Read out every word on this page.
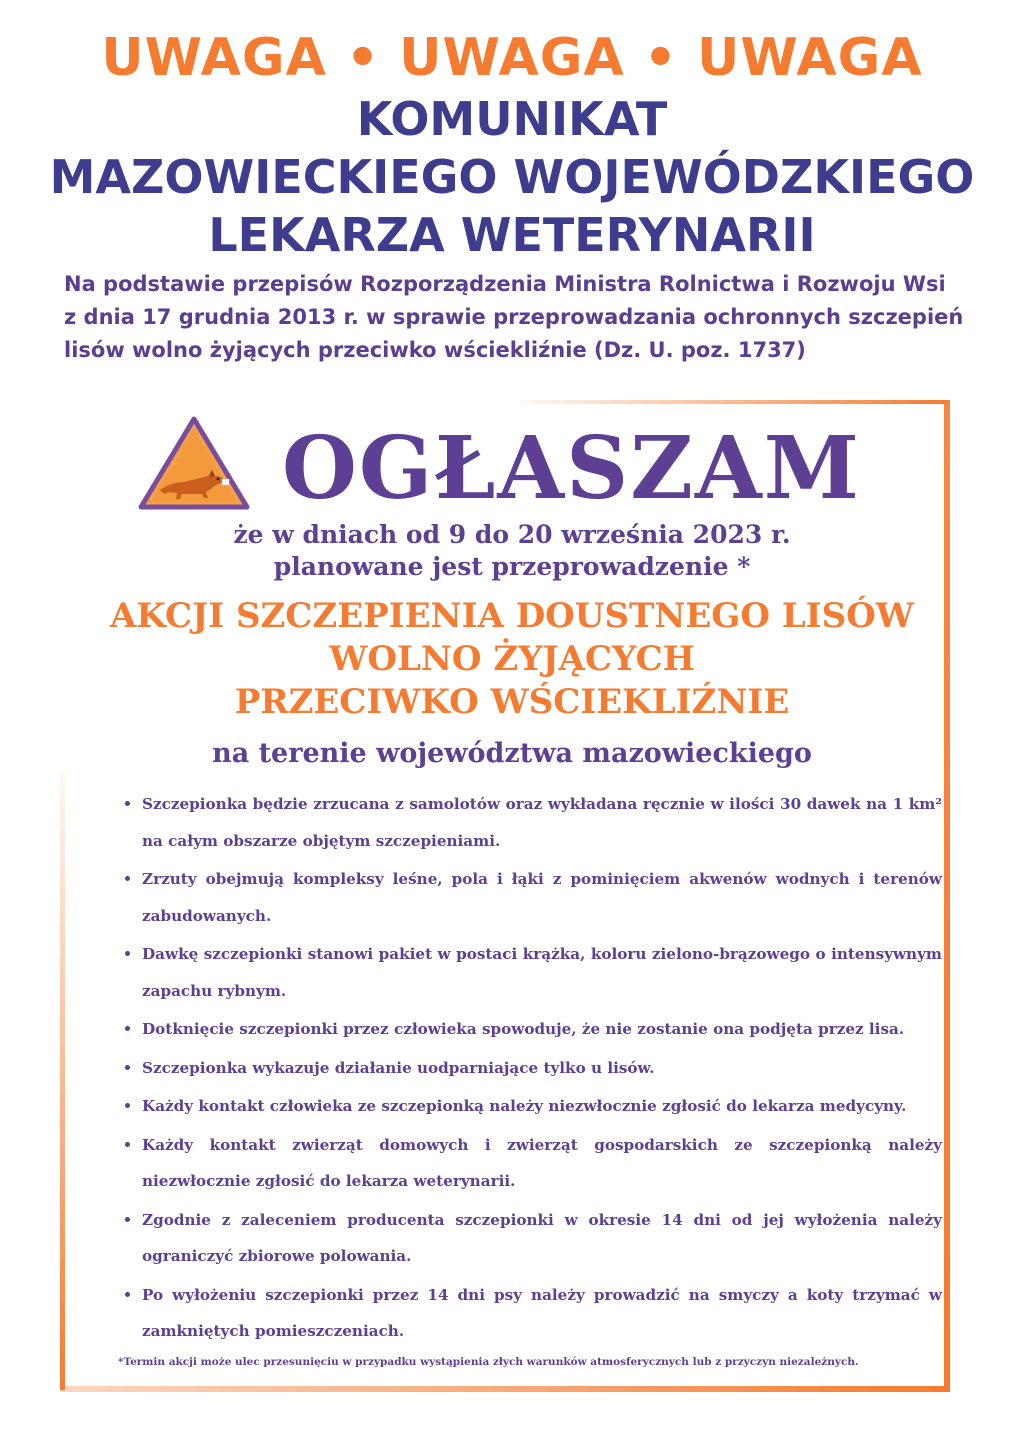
UWAGA • UWAGA • UWAGA
KOMUNIKAT
MAZOWIECKIEGO WOJEWÓDZKIEGO
LEKARZA WETERYNARII
Na podstawie przepisów Rozporządzenia Ministra Rolnictwa i Rozwoju Wsi z dnia 17 grudnia 2013 r. w sprawie przeprowadzania ochronnych szczepień lisów wolno żyjących przeciwko wściekliźnie (Dz. U. poz. 1737)
OGŁASZAM
że w dniach od 9 do 20 września 2023 r.
planowane jest przeprowadzenie *
AKCJI SZCZEPIENIA DOUSTNEGO LISÓW
WOLNO ŻYJĄCYCH
PRZECIWKO WŚCIEKLIŹNIE
na terenie województwa mazowieckiego
• Szczepionka będzie zrzucana z samolotów oraz wykładana ręcznie w ilości 30 dawek na 1 km² na całym obszarze objętym szczepieniami.
• Zrzuty obejmują kompleksy leśne, pola i łąki z pominięciem akwenów wodnych i terenów zabudowanych.
• Dawkę szczepionki stanowi pakiet w postaci krążka, koloru zielono-brązowego o intensywnym zapachu rybnym.
• Dotknięcie szczepionki przez człowieka spowoduje, że nie zostanie ona podjęta przez lisa.
• Szczepionka wykazuje działanie uodparniające tylko u lisów.
• Każdy kontakt człowieka ze szczepionką należy niezwłocznie zgłosić do lekarza medycyny.
• Każdy kontakt zwierząt domowych i zwierząt gospodarskich ze szczepionką należy niezwłocznie zgłosić do lekarza weterynarii.
• Zgodnie z zaleceniem producenta szczepionki w okresie 14 dni od jej wyłożenia należy ograniczyć zbiorowe polowania.
• Po wyłożeniu szczepionki przez 14 dni psy należy prowadzić na smyczy a koty trzymać w zamkniętych pomieszczeniach.
*Termin akcji może ulec przesunięciu w przypadku wystąpienia złych warunków atmosferycznych lub z przyczyn niezależnych.
